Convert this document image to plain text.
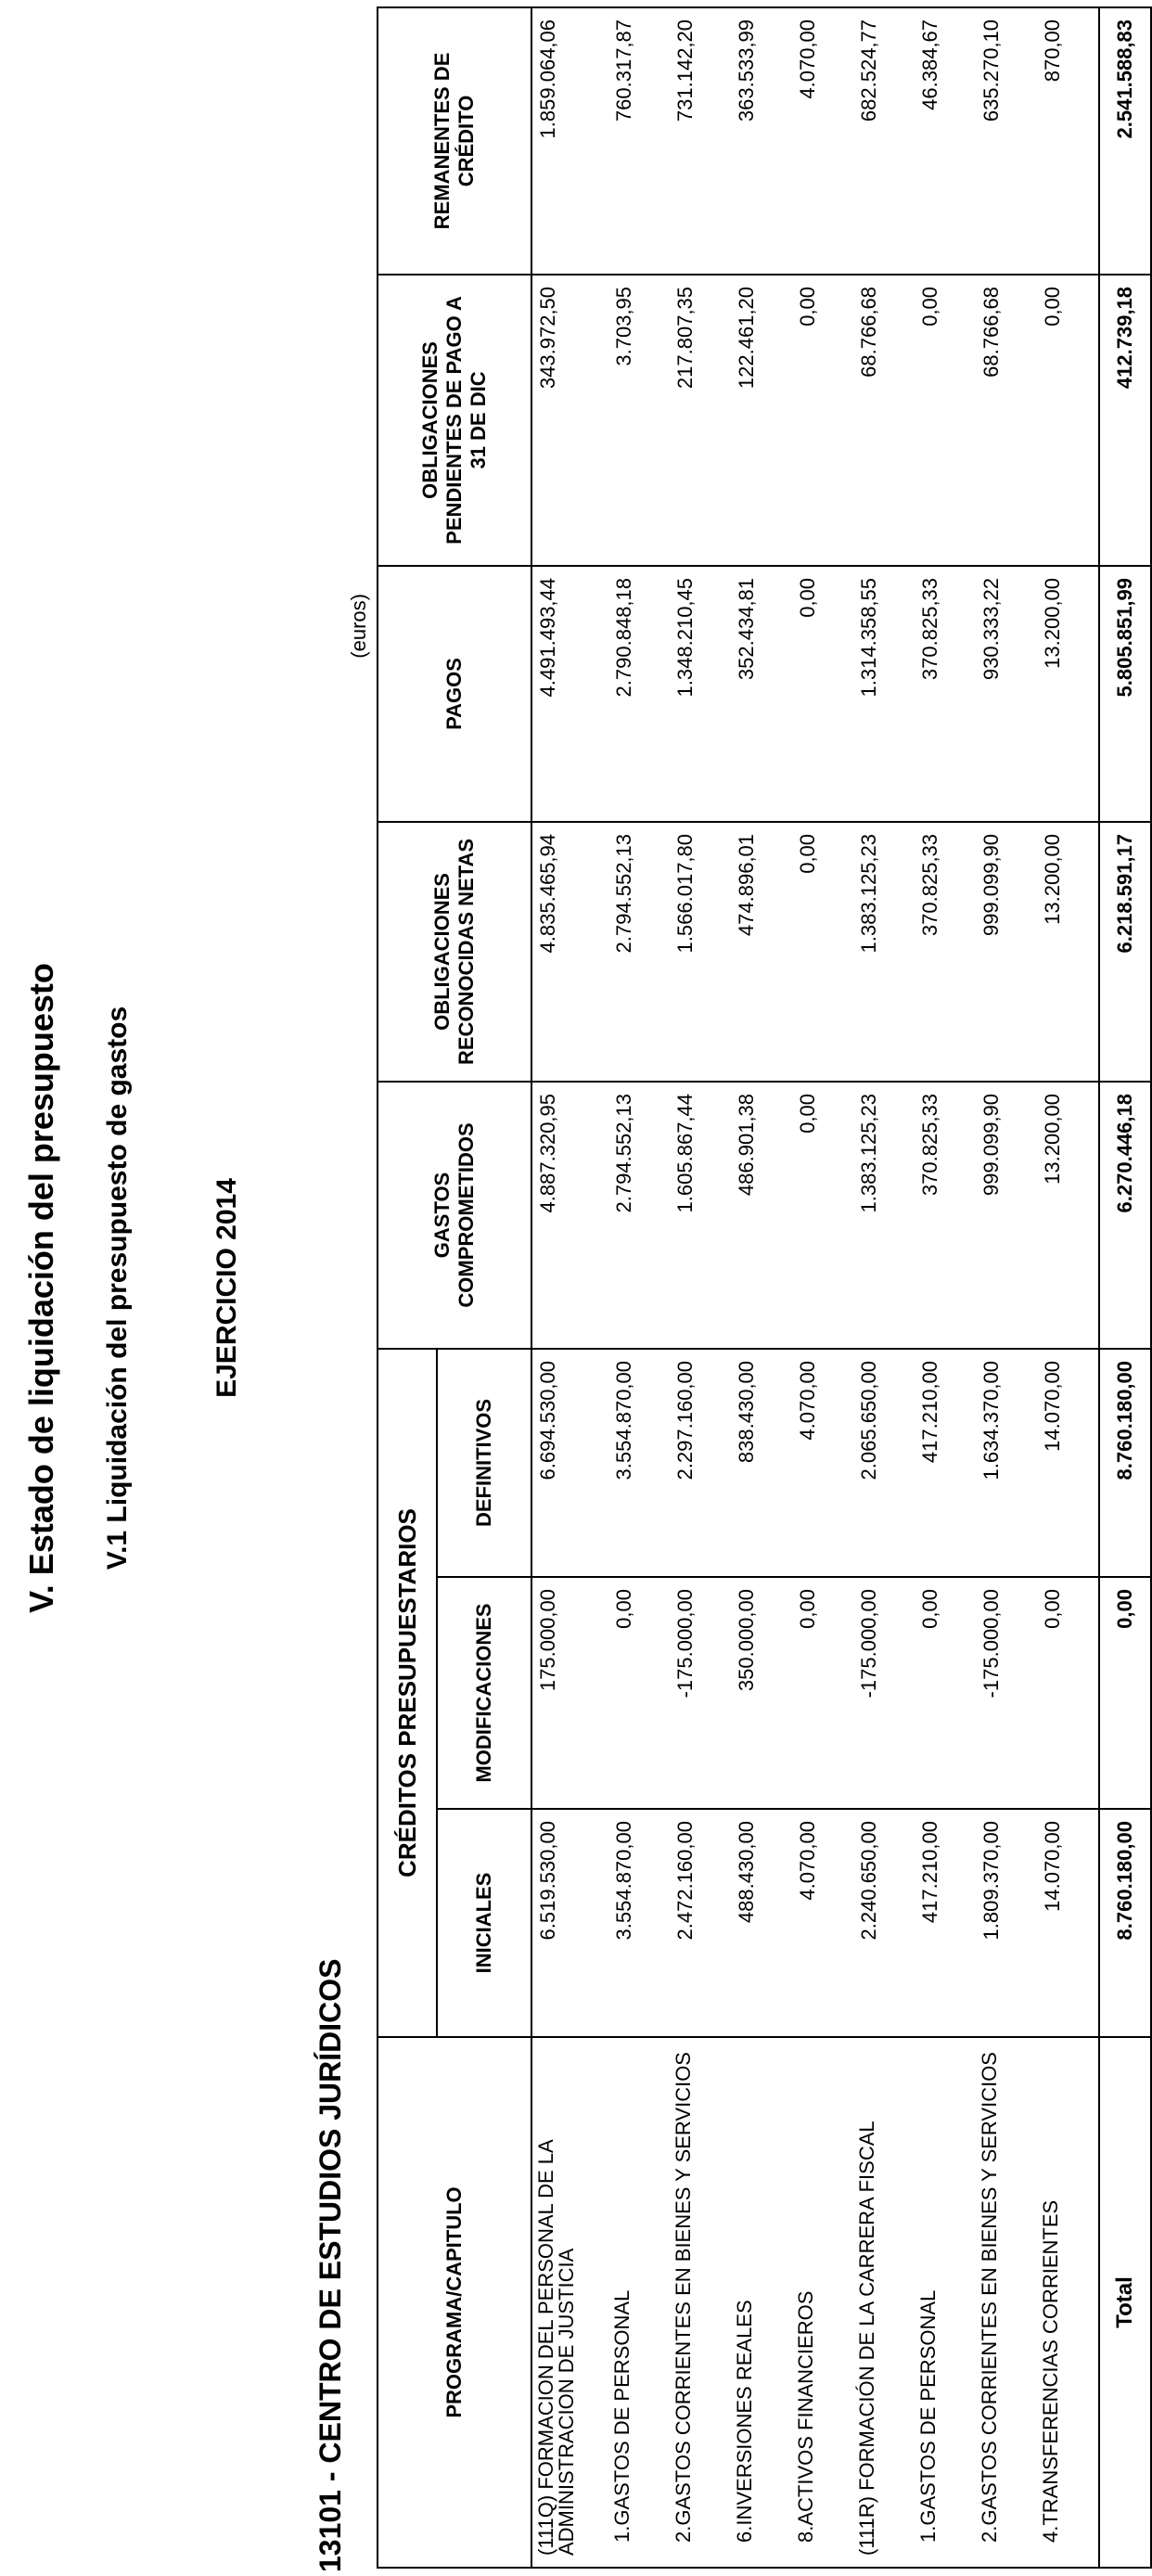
V. Estado de liquidación del presupuesto V.1 Liquidación del presupuesto de gastos	EJERCICIO 2014
13101 - CENTRO DE ESTUDIOS JURÍDICOS
(euros)
PROGRAMA/CAPITULO	CRÉDITOS PRESUPUESTARIOS			GASTOS COMPROMETIDOS	OBLIGACIONES RECONOCIDAS NETAS	PAGOS	OBLIGACIONES PENDIENTES DE PAGO A 31 DE DIC	REMANENTES DE CRÉDITO
	INICIALES	MODIFICACIONES	DEFINITIVOS					
(111Q) FORMACION DEL PERSONAL DE LA ADMINISTRACION DE JUSTICIA	6.519.530,00	175.000,00	6.694.530,00	4.887.320,95	4.835.465,94	4.491.493,44	343.972,50	1.859.064,06
1.GASTOS DE PERSONAL	3.554.870,00	0,00	3.554.870,00	2.794.552,13	2.794.552,13	2.790.848,18	3.703,95	760.317,87
2.GASTOS CORRIENTES EN BIENES Y SERVICIOS	2.472.160,00	-175.000,00	2.297.160,00	1.605.867,44	1.566.017,80	1.348.210,45	217.807,35	731.142,20
6.INVERSIONES REALES	488.430,00	350.000,00	838.430,00	486.901,38	474.896,01	352.434,81	122.461,20	363.533,99
8.ACTIVOS FINANCIEROS	4.070,00	0,00	4.070,00	0,00	0,00	0,00	0,00	4.070,00
(111R) FORMACIÓN DE LA CARRERA FISCAL	2.240.650,00	-175.000,00	2.065.650,00	1.383.125,23	1.383.125,23	1.314.358,55	68.766,68	682.524,77
1.GASTOS DE PERSONAL	417.210,00	0,00	417.210,00	370.825,33	370.825,33	370.825,33	0,00	46.384,67
2.GASTOS CORRIENTES EN BIENES Y SERVICIOS	1.809.370,00	-175.000,00	1.634.370,00	999.099,90	999.099,90	930.333,22	68.766,68	635.270,10
4.TRANSFERENCIAS CORRIENTES	14.070,00	0,00	14.070,00	13.200,00	13.200,00	13.200,00	0,00	870,00
Total	8.760.180,00	0,00	8.760.180,00	6.270.446,18	6.218.591,17	5.805.851,99	412.739,18	2.541.588,83
